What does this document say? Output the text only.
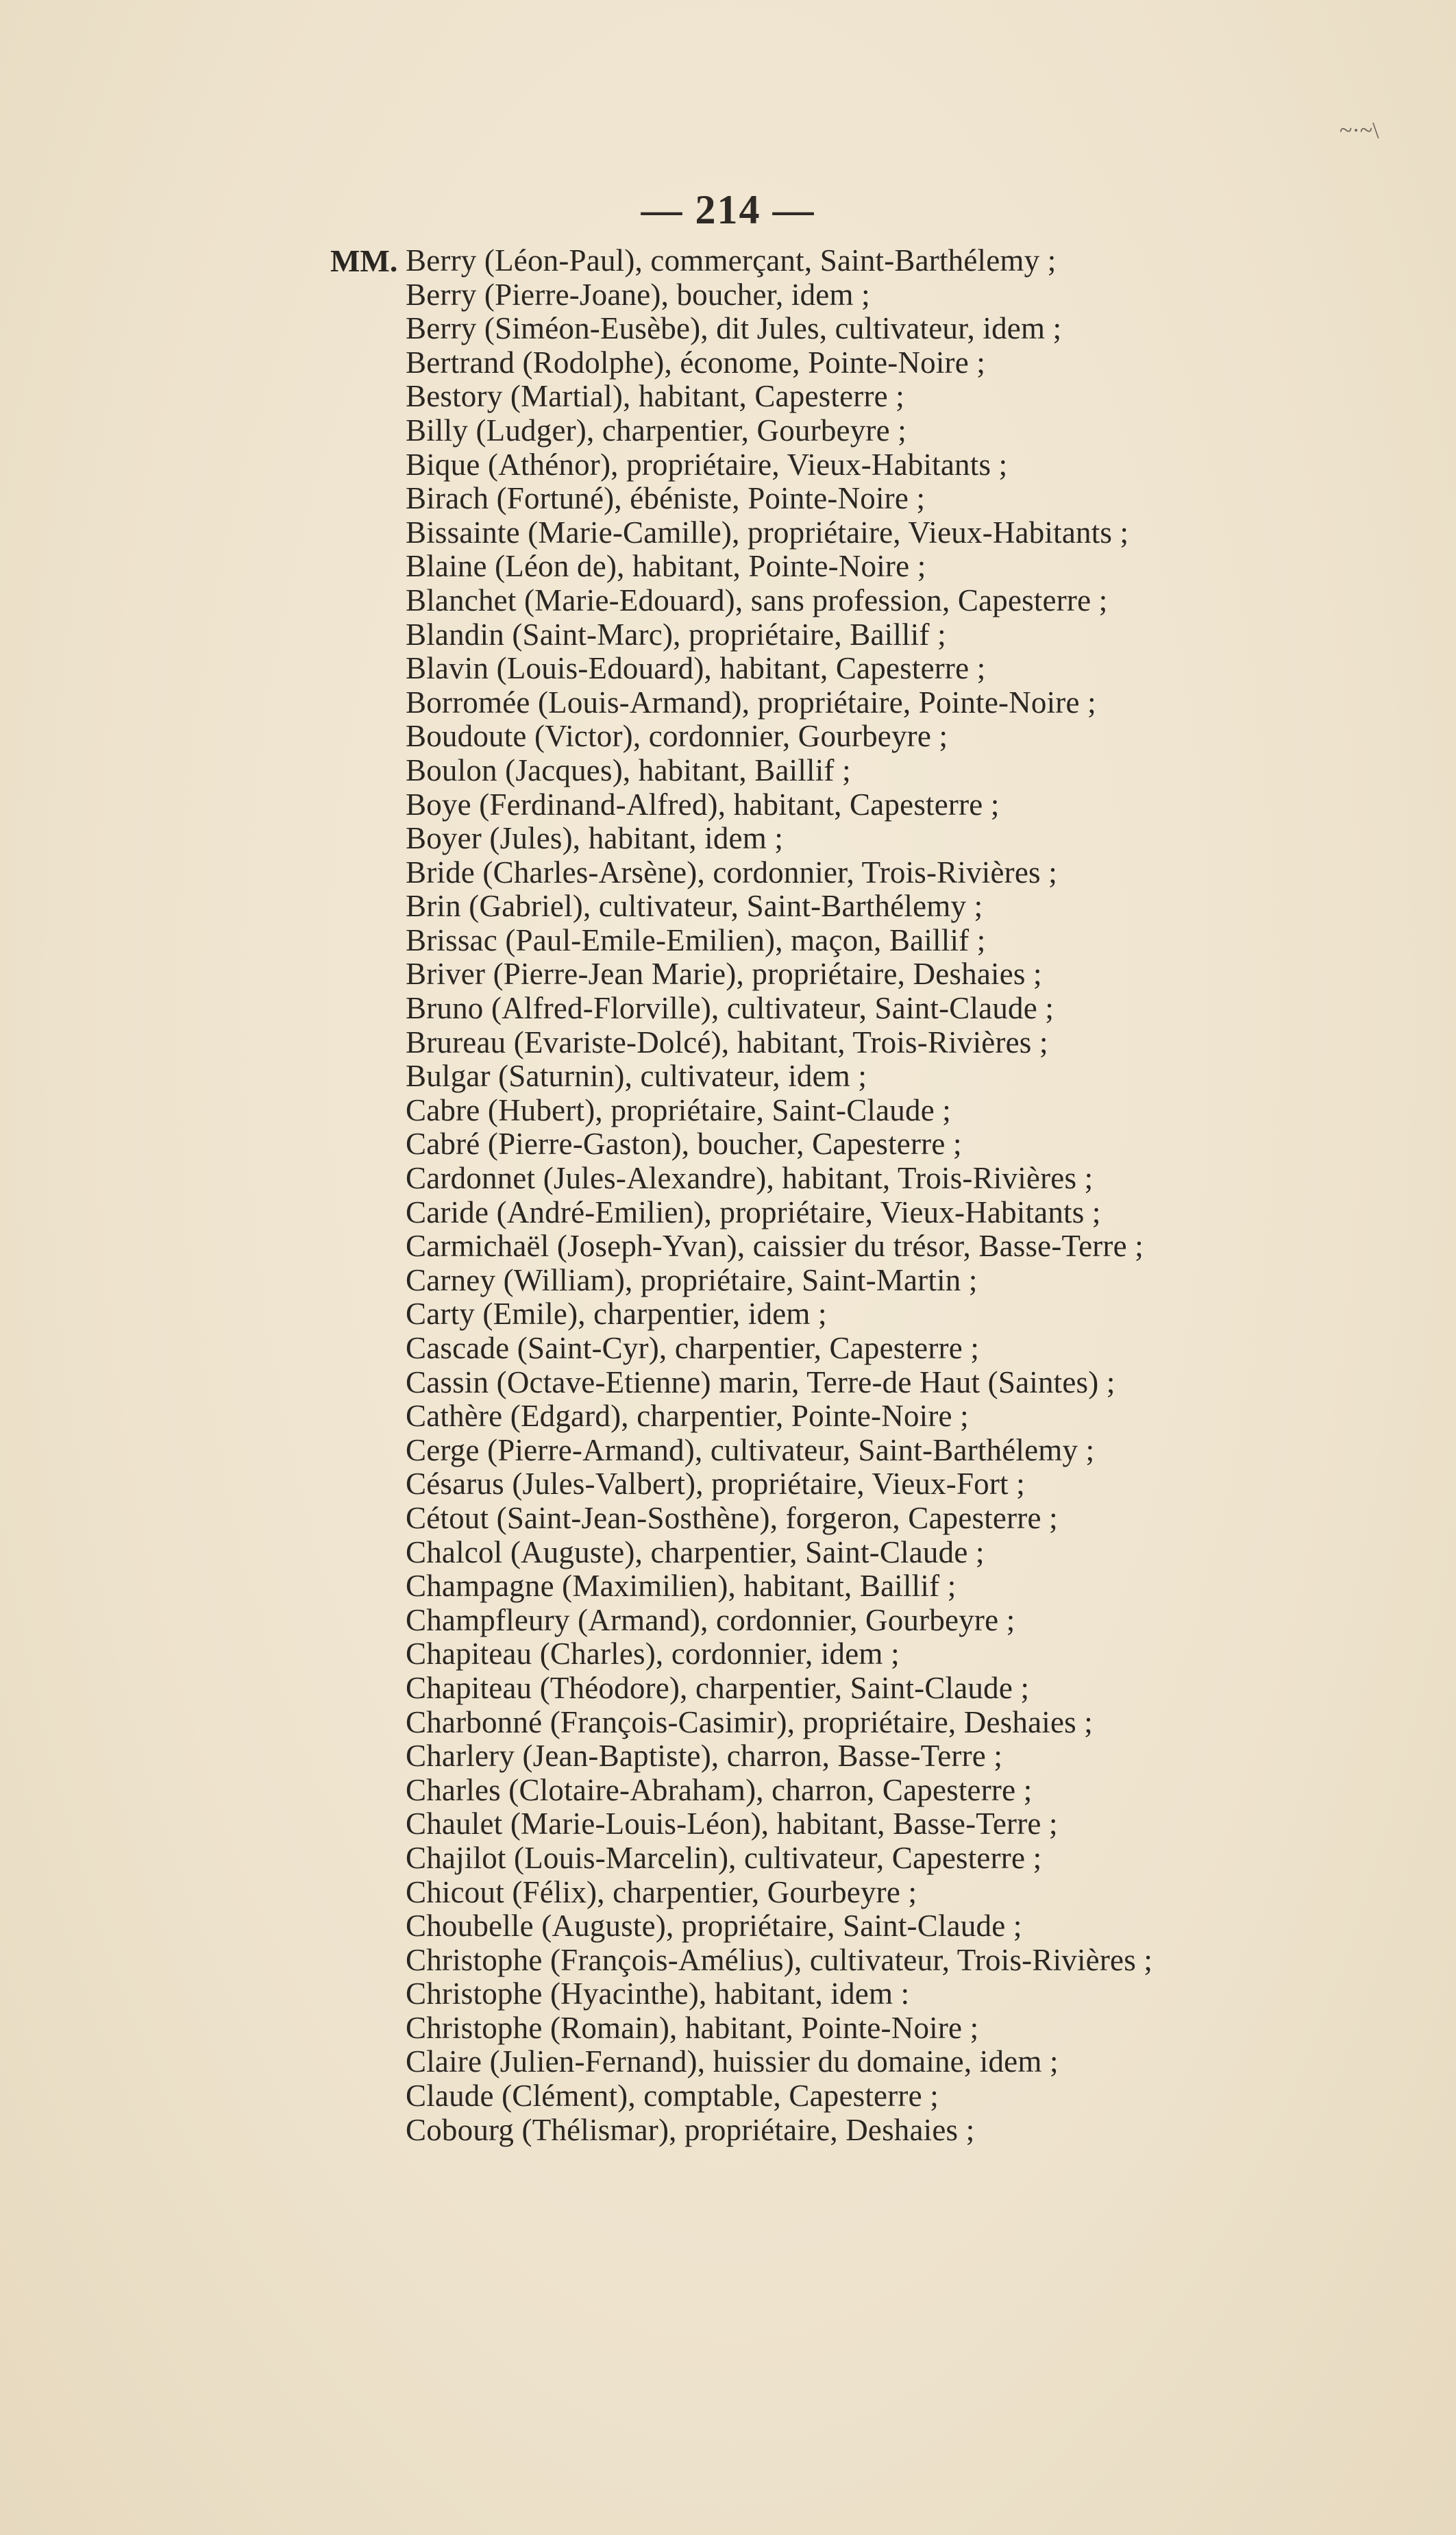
— 214 —
~·~\
MM. Berry (Léon-Paul), commerçant, Saint-Barthélemy ;
Berry (Pierre-Joane), boucher, idem ;
Berry (Siméon-Eusèbe), dit Jules, cultivateur, idem ;
Bertrand (Rodolphe), économe, Pointe-Noire ;
Bestory (Martial), habitant, Capesterre ;
Billy (Ludger), charpentier, Gourbeyre ;
Bique (Athénor), propriétaire, Vieux-Habitants ;
Birach (Fortuné), ébéniste, Pointe-Noire ;
Bissainte (Marie-Camille), propriétaire, Vieux-Habitants ;
Blaine (Léon de), habitant, Pointe-Noire ;
Blanchet (Marie-Edouard), sans profession, Capesterre ;
Blandin (Saint-Marc), propriétaire, Baillif ;
Blavin (Louis-Edouard), habitant, Capesterre ;
Borromée (Louis-Armand), propriétaire, Pointe-Noire ;
Boudoute (Victor), cordonnier, Gourbeyre ;
Boulon (Jacques), habitant, Baillif ;
Boye (Ferdinand-Alfred), habitant, Capesterre ;
Boyer (Jules), habitant, idem ;
Bride (Charles-Arsène), cordonnier, Trois-Rivières ;
Brin (Gabriel), cultivateur, Saint-Barthélemy ;
Brissac (Paul-Emile-Emilien), maçon, Baillif ;
Briver (Pierre-Jean Marie), propriétaire, Deshaies ;
Bruno (Alfred-Florville), cultivateur, Saint-Claude ;
Brureau (Evariste-Dolcé), habitant, Trois-Rivières ;
Bulgar (Saturnin), cultivateur, idem ;
Cabre (Hubert), propriétaire, Saint-Claude ;
Cabré (Pierre-Gaston), boucher, Capesterre ;
Cardonnet (Jules-Alexandre), habitant, Trois-Rivières ;
Caride (André-Emilien), propriétaire, Vieux-Habitants ;
Carmichaël (Joseph-Yvan), caissier du trésor, Basse-Terre ;
Carney (William), propriétaire, Saint-Martin ;
Carty (Emile), charpentier, idem ;
Cascade (Saint-Cyr), charpentier, Capesterre ;
Cassin (Octave-Etienne) marin, Terre-de Haut (Saintes) ;
Cathère (Edgard), charpentier, Pointe-Noire ;
Cerge (Pierre-Armand), cultivateur, Saint-Barthélemy ;
Césarus (Jules-Valbert), propriétaire, Vieux-Fort ;
Cétout (Saint-Jean-Sosthène), forgeron, Capesterre ;
Chalcol (Auguste), charpentier, Saint-Claude ;
Champagne (Maximilien), habitant, Baillif ;
Champfleury (Armand), cordonnier, Gourbeyre ;
Chapiteau (Charles), cordonnier, idem ;
Chapiteau (Théodore), charpentier, Saint-Claude ;
Charbonné (François-Casimir), propriétaire, Deshaies ;
Charlery (Jean-Baptiste), charron, Basse-Terre ;
Charles (Clotaire-Abraham), charron, Capesterre ;
Chaulet (Marie-Louis-Léon), habitant, Basse-Terre ;
Chajilot (Louis-Marcelin), cultivateur, Capesterre ;
Chicout (Félix), charpentier, Gourbeyre ;
Choubelle (Auguste), propriétaire, Saint-Claude ;
Christophe (François-Amélius), cultivateur, Trois-Rivières ;
Christophe (Hyacinthe), habitant, idem :
Christophe (Romain), habitant, Pointe-Noire ;
Claire (Julien-Fernand), huissier du domaine, idem ;
Claude (Clément), comptable, Capesterre ;
Cobourg (Thélismar), propriétaire, Deshaies ;
